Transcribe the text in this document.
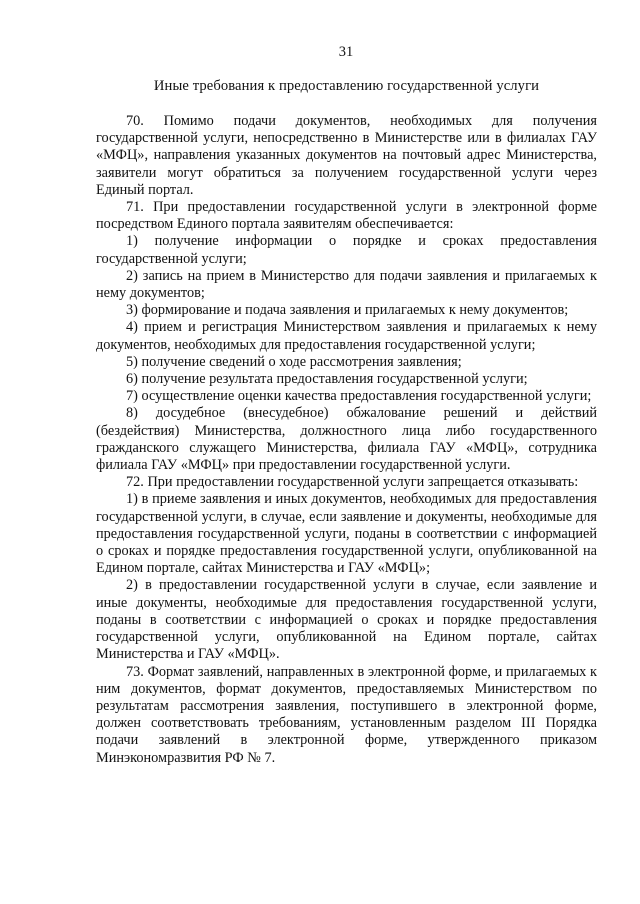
31
Иные требования к предоставлению государственной услуги

70. Помимо подачи документов, необходимых для получения государственной услуги, непосредственно в Министерстве или в филиалах ГАУ «МФЦ», направления указанных документов на почтовый адрес Министерства, заявители могут обратиться за получением государственной услуги через Единый портал.

71. При предоставлении государственной услуги в электронной форме посредством Единого портала заявителям обеспечивается:

1) получение информации о порядке и сроках предоставления государственной услуги;

2) запись на прием в Министерство для подачи заявления и прилагаемых к нему документов;

3) формирование и подача заявления и прилагаемых к нему документов;

4) прием и регистрация Министерством заявления и прилагаемых к нему документов, необходимых для предоставления государственной услуги;

5) получение сведений о ходе рассмотрения заявления;

6) получение результата предоставления государственной услуги;

7) осуществление оценки качества предоставления государственной услуги;

8) досудебное (внесудебное) обжалование решений и действий (бездействия) Министерства, должностного лица либо государственного гражданского служащего Министерства, филиала ГАУ «МФЦ», сотрудника филиала ГАУ «МФЦ» при предоставлении государственной услуги.

72. При предоставлении государственной услуги запрещается отказывать:

1) в приеме заявления и иных документов, необходимых для предоставления государственной услуги, в случае, если заявление и документы, необходимые для предоставления государственной услуги, поданы в соответствии с информацией о сроках и порядке предоставления государственной услуги, опубликованной на Едином портале, сайтах Министерства и ГАУ «МФЦ»;

2) в предоставлении государственной услуги в случае, если заявление и иные документы, необходимые для предоставления государственной услуги, поданы в соответствии с информацией о сроках и порядке предоставления государственной услуги, опубликованной на Едином портале, сайтах Министерства и ГАУ «МФЦ».

73. Формат заявлений, направленных в электронной форме, и прилагаемых к ним документов, формат документов, предоставляемых Министерством по результатам рассмотрения заявления, поступившего в электронной форме, должен соответствовать требованиям, установленным разделом III Порядка подачи заявлений в электронной форме, утвержденного приказом Минэкономразвития РФ № 7.
